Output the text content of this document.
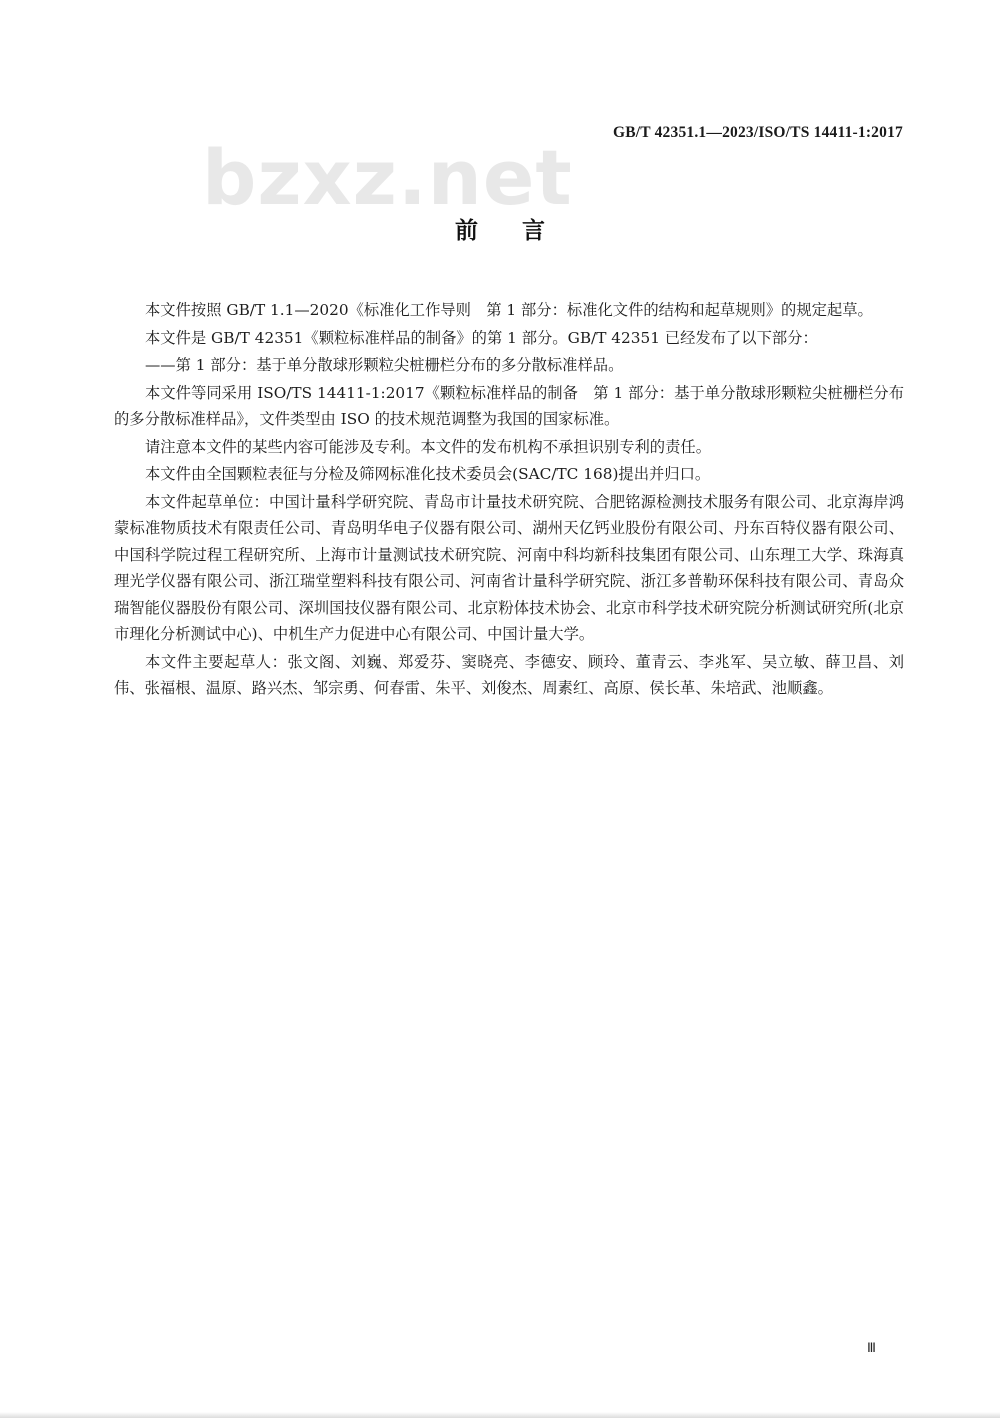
bzxz.net
GB/T 42351.1—2023/ISO/TS 14411-1:2017
前 言

本文件按照 GB/T 1.1—2020《标准化工作导则　第 1 部分：标准化文件的结构和起草规则》的规定起草。

本文件是 GB/T 42351《颗粒标准样品的制备》的第 1 部分。GB/T 42351 已经发布了以下部分：

——第 1 部分：基于单分散球形颗粒尖桩栅栏分布的多分散标准样品。

本文件等同采用 ISO/TS 14411-1:2017《颗粒标准样品的制备　第 1 部分：基于单分散球形颗粒尖桩栅栏分布的多分散标准样品》，文件类型由 ISO 的技术规范调整为我国的国家标准。

请注意本文件的某些内容可能涉及专利。本文件的发布机构不承担识别专利的责任。

本文件由全国颗粒表征与分检及筛网标准化技术委员会(SAC/TC 168)提出并归口。

本文件起草单位：中国计量科学研究院、青岛市计量技术研究院、合肥铭源检测技术服务有限公司、北京海岸鸿蒙标准物质技术有限责任公司、青岛明华电子仪器有限公司、湖州天亿钙业股份有限公司、丹东百特仪器有限公司、中国科学院过程工程研究所、上海市计量测试技术研究院、河南中科均新科技集团有限公司、山东理工大学、珠海真理光学仪器有限公司、浙江瑞堂塑料科技有限公司、河南省计量科学研究院、浙江多普勒环保科技有限公司、青岛众瑞智能仪器股份有限公司、深圳国技仪器有限公司、北京粉体技术协会、北京市科学技术研究院分析测试研究所(北京市理化分析测试中心)、中机生产力促进中心有限公司、中国计量大学。

本文件主要起草人：张文阁、刘巍、郑爱芬、窦晓亮、李德安、顾玲、董青云、李兆军、吴立敏、薛卫昌、刘伟、张福根、温原、路兴杰、邹宗勇、何春雷、朱平、刘俊杰、周素红、高原、侯长革、朱培武、池顺鑫。

Ⅲ
